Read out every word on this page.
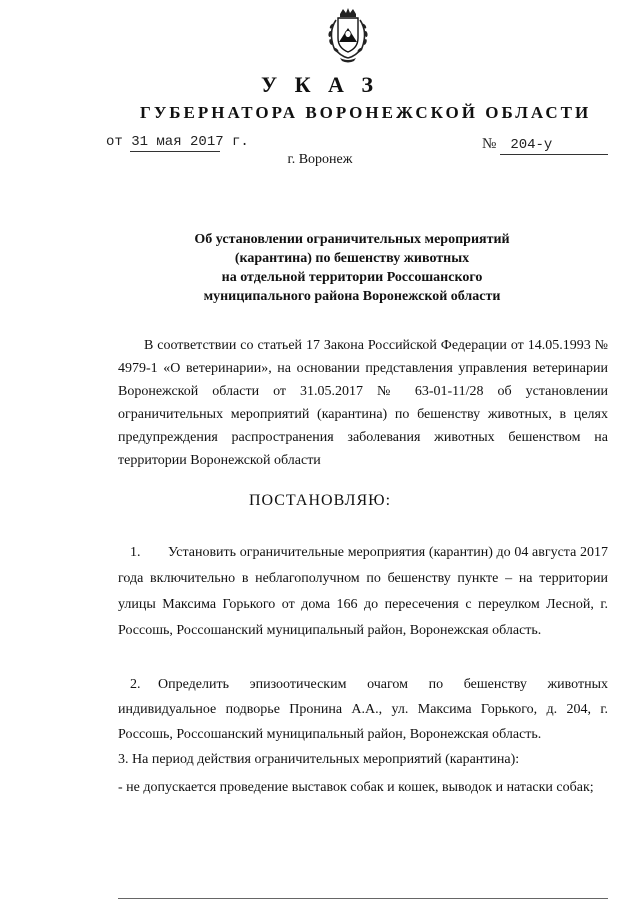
У К А З
ГУБЕРНАТОРА ВОРОНЕЖСКОЙ ОБЛАСТИ
от 31 мая 2017 г.	№ 204-у
г. Воронеж
Об установлении ограничительных мероприятий
(карантина) по бешенству животных
на отдельной территории Россошанского
муниципального района Воронежской области
В соответствии со статьей 17 Закона Российской Федерации от 14.05.1993 № 4979-1 «О ветеринарии», на основании представления управления ветеринарии Воронежской области от 31.05.2017 № 63-01-11/28 об установлении ограничительных мероприятий (карантина) по бешенству животных, в целях предупреждения распространения заболевания животных бешенством на территории Воронежской области
ПОСТАНОВЛЯЮ:
1. Установить ограничительные мероприятия (карантин) до 04 августа 2017 года включительно в неблагополучном по бешенству пункте – на территории улицы Максима Горького от дома 166 до пересечения с переулком Лесной, г. Россошь, Россошанский муниципальный район, Воронежская область.
2. Определить эпизоотическим очагом по бешенству животных индивидуальное подворье Пронина А.А., ул. Максима Горького, д. 204, г. Россошь, Россошанский муниципальный район, Воронежская область.
3. На период действия ограничительных мероприятий (карантина):
- не допускается проведение выставок собак и кошек, выводок и натаски собак;
